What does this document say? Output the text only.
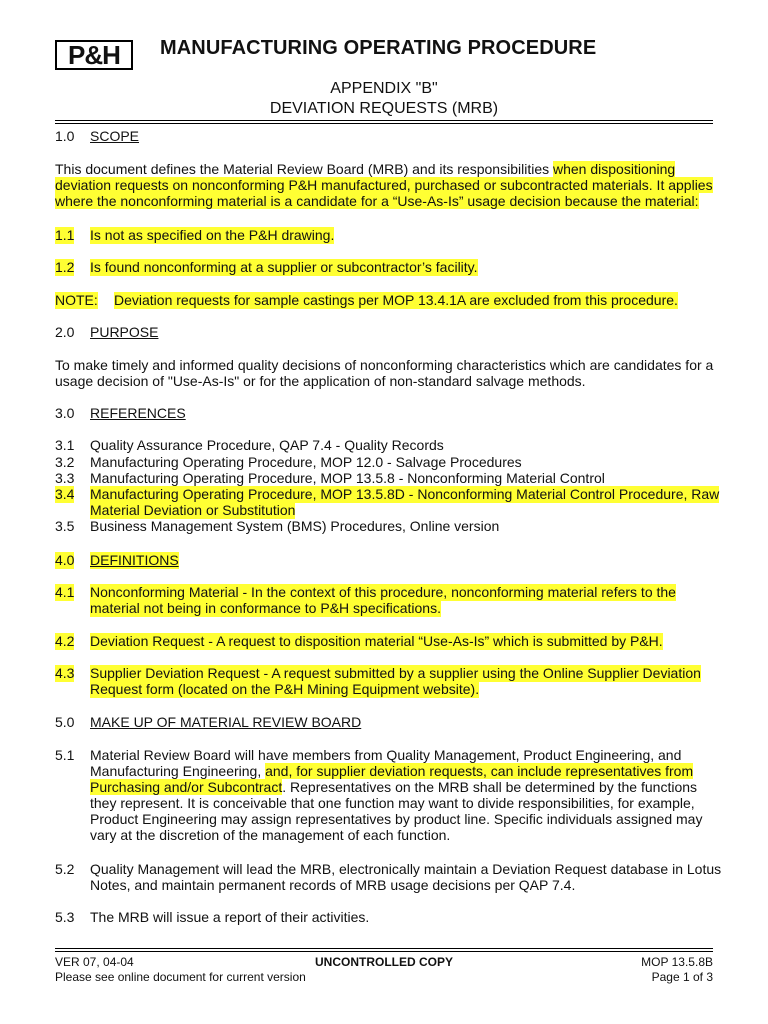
P&H MANUFACTURING OPERATING PROCEDURE
APPENDIX "B"
DEVIATION REQUESTS (MRB)
1.0 SCOPE
This document defines the Material Review Board (MRB) and its responsibilities when dispositioning
deviation requests on nonconforming P&H manufactured, purchased or subcontracted materials. It applies
where the nonconforming material is a candidate for a “Use-As-Is” usage decision because the material:
1.1 Is not as specified on the P&H drawing.
1.2 Is found nonconforming at a supplier or subcontractor’s facility.
NOTE: Deviation requests for sample castings per MOP 13.4.1A are excluded from this procedure.
2.0 PURPOSE
To make timely and informed quality decisions of nonconforming characteristics which are candidates for a
usage decision of "Use-As-Is" or for the application of non-standard salvage methods.
3.0 REFERENCES
3.1 Quality Assurance Procedure, QAP 7.4 - Quality Records
3.2 Manufacturing Operating Procedure, MOP 12.0 - Salvage Procedures
3.3 Manufacturing Operating Procedure, MOP 13.5.8 - Nonconforming Material Control
3.4 Manufacturing Operating Procedure, MOP 13.5.8D - Nonconforming Material Control Procedure, Raw
Material Deviation or Substitution
3.5 Business Management System (BMS) Procedures, Online version
4.0 DEFINITIONS
4.1 Nonconforming Material - In the context of this procedure, nonconforming material refers to the
material not being in conformance to P&H specifications.
4.2 Deviation Request - A request to disposition material “Use-As-Is” which is submitted by P&H.
4.3 Supplier Deviation Request - A request submitted by a supplier using the Online Supplier Deviation
Request form (located on the P&H Mining Equipment website).
5.0 MAKE UP OF MATERIAL REVIEW BOARD
5.1 Material Review Board will have members from Quality Management, Product Engineering, and
Manufacturing Engineering, and, for supplier deviation requests, can include representatives from
Purchasing and/or Subcontract. Representatives on the MRB shall be determined by the functions
they represent. It is conceivable that one function may want to divide responsibilities, for example,
Product Engineering may assign representatives by product line. Specific individuals assigned may
vary at the discretion of the management of each function.
5.2 Quality Management will lead the MRB, electronically maintain a Deviation Request database in Lotus
Notes, and maintain permanent records of MRB usage decisions per QAP 7.4.
5.3 The MRB will issue a report of their activities.
VER 07, 04-04	UNCONTROLLED COPY	MOP 13.5.8B
Please see online document for current version	Page 1 of 3
